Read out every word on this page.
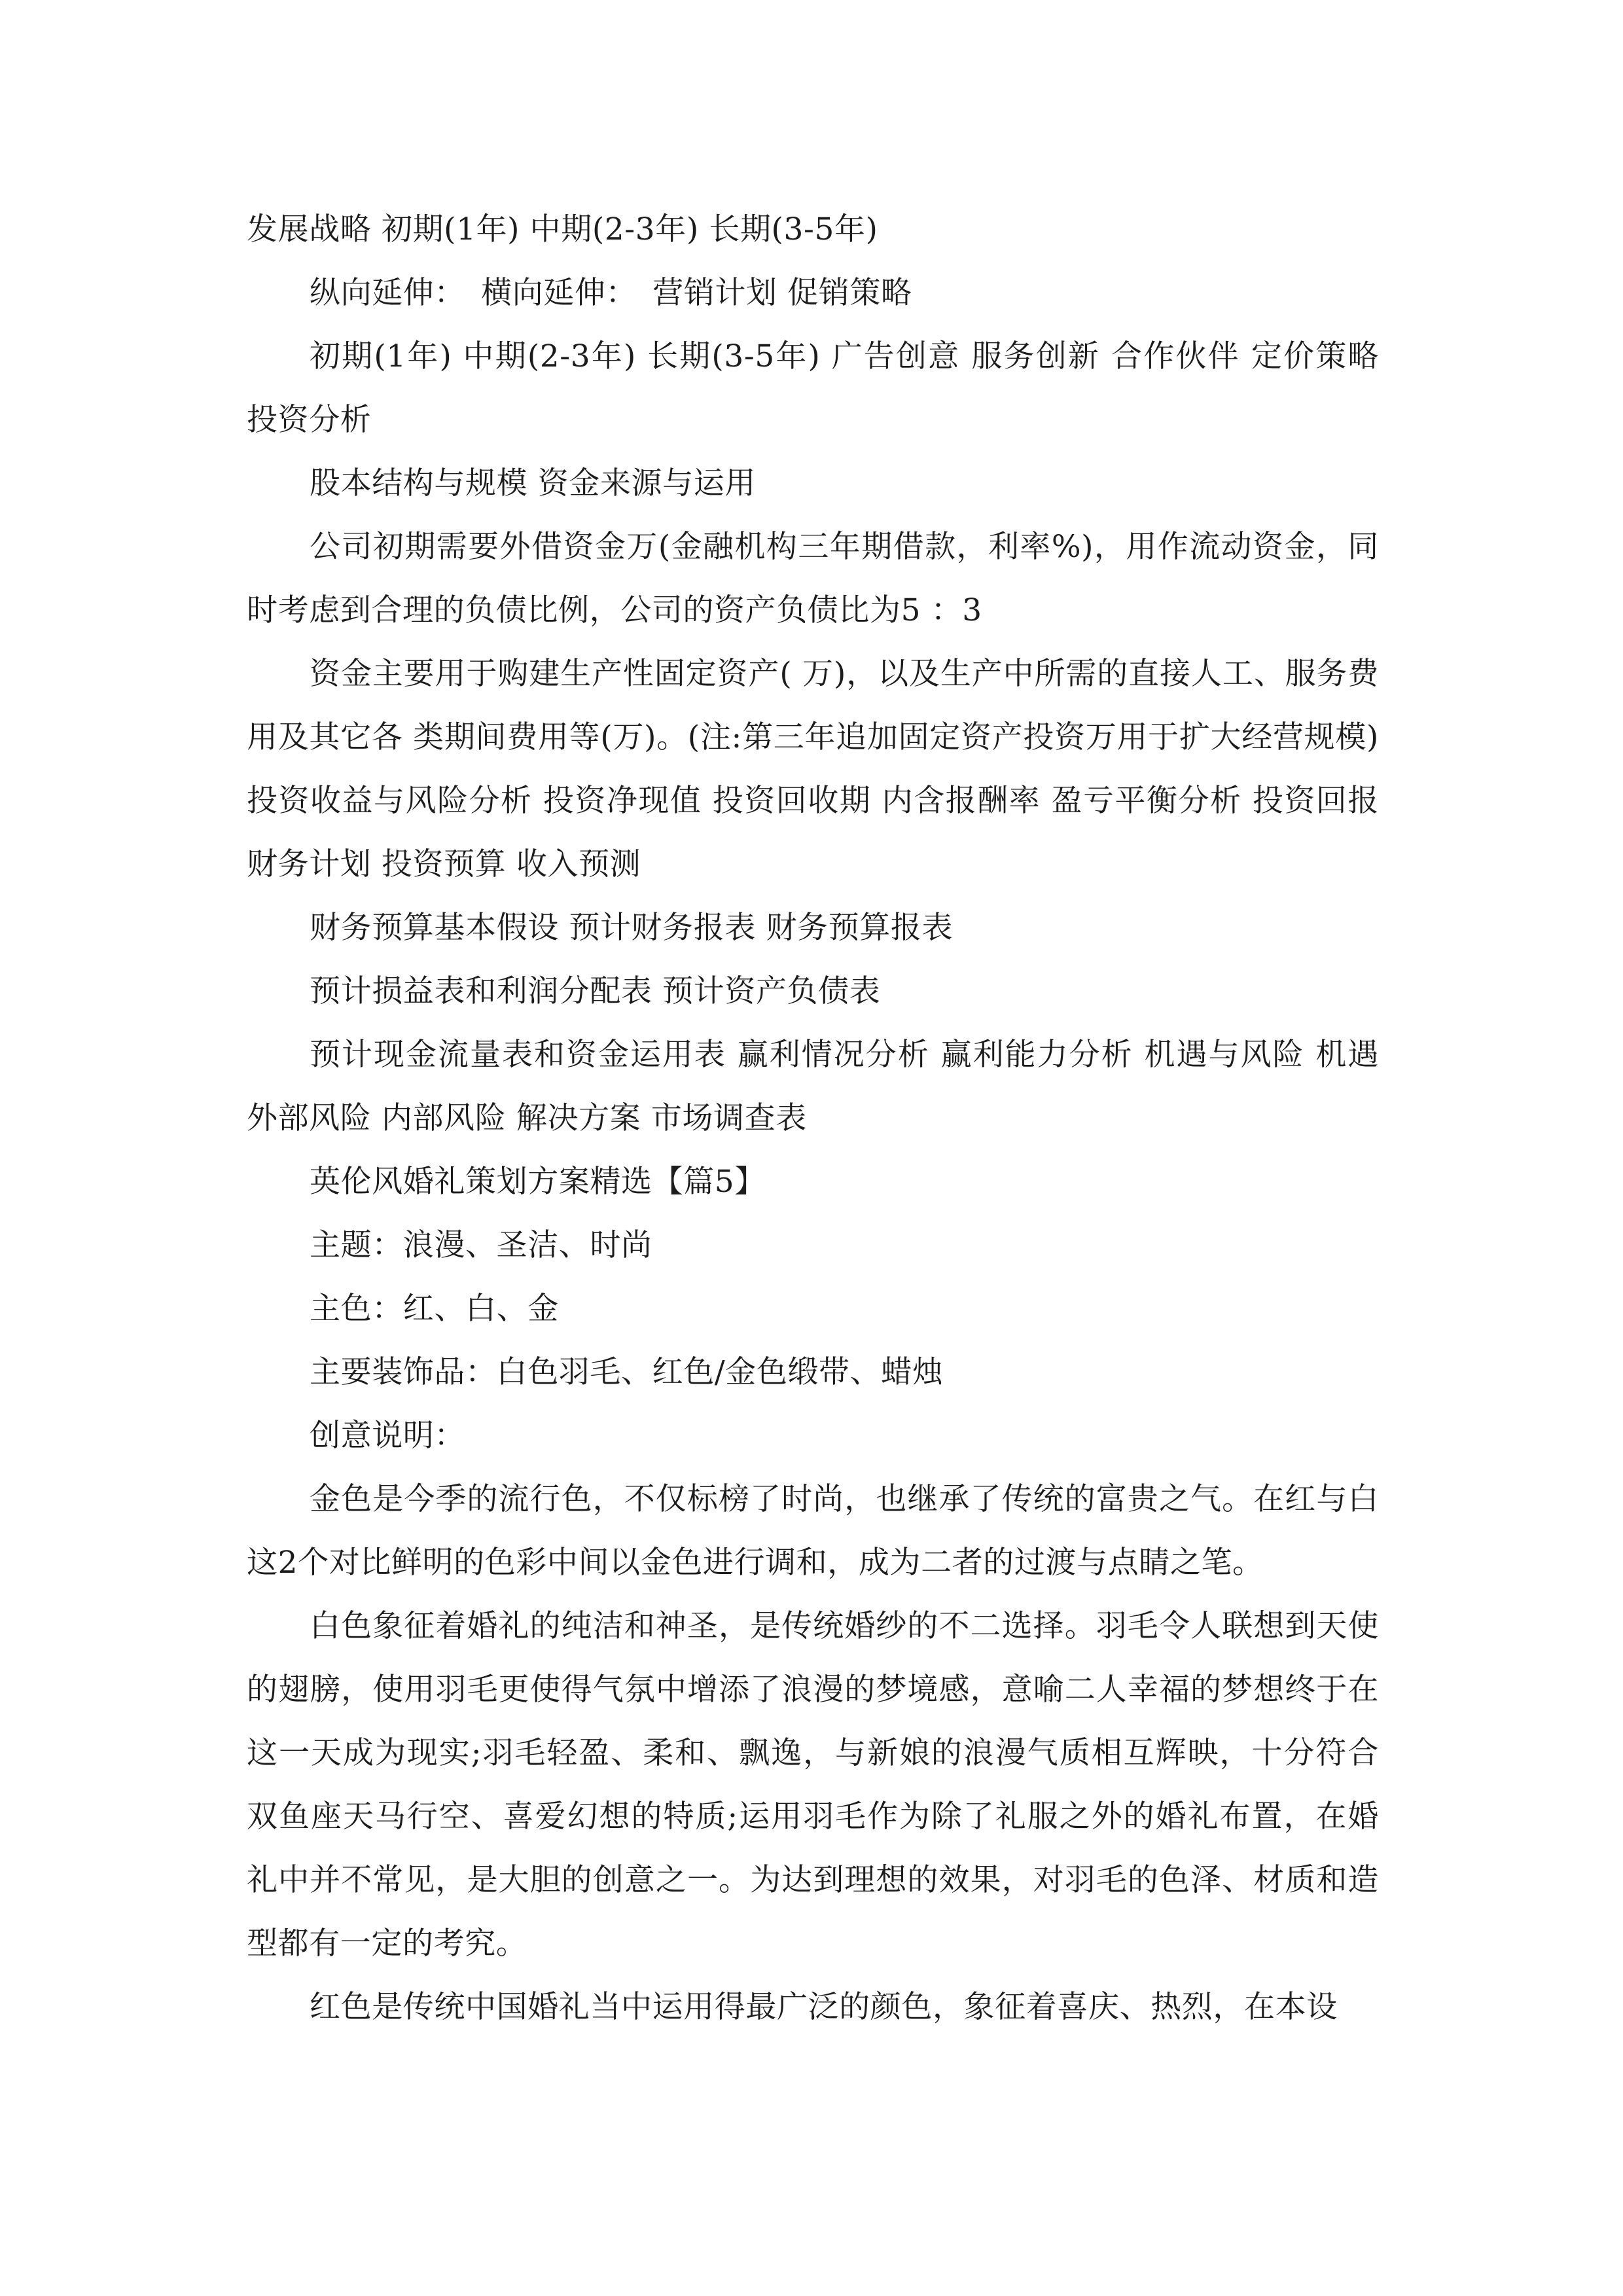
发展战略 初期(1年) 中期(2-3年) 长期(3-5年)

纵向延伸：　横向延伸：　营销计划 促销策略

初期(1年) 中期(2-3年) 长期(3-5年) 广告创意 服务创新 合作伙伴 定价策略 投资分析

股本结构与规模 资金来源与运用

公司初期需要外借资金万(金融机构三年期借款，利率%)，用作流动资金，同时考虑到合理的负债比例，公司的资产负债比为5 ：3

资金主要用于购建生产性固定资产( 万)，以及生产中所需的直接人工、服务费用及其它各 类期间费用等(万)。(注:第三年追加固定资产投资万用于扩大经营规模) 投资收益与风险分析 投资净现值 投资回收期 内含报酬率 盈亏平衡分析 投资回报 财务计划 投资预算 收入预测

财务预算基本假设 预计财务报表 财务预算报表

预计损益表和利润分配表 预计资产负债表

预计现金流量表和资金运用表 赢利情况分析 赢利能力分析 机遇与风险 机遇 外部风险 内部风险 解决方案 市场调查表

英伦风婚礼策划方案精选【篇5】

主题：浪漫、圣洁、时尚

主色：红、白、金

主要装饰品：白色羽毛、红色/金色缎带、蜡烛

创意说明：

金色是今季的流行色，不仅标榜了时尚，也继承了传统的富贵之气。在红与白这2个对比鲜明的色彩中间以金色进行调和，成为二者的过渡与点睛之笔。

白色象征着婚礼的纯洁和神圣，是传统婚纱的不二选择。羽毛令人联想到天使的翅膀，使用羽毛更使得气氛中增添了浪漫的梦境感，意喻二人幸福的梦想终于在这一天成为现实;羽毛轻盈、柔和、飘逸，与新娘的浪漫气质相互辉映，十分符合双鱼座天马行空、喜爱幻想的特质;运用羽毛作为除了礼服之外的婚礼布置，在婚礼中并不常见，是大胆的创意之一。为达到理想的效果，对羽毛的色泽、材质和造型都有一定的考究。

红色是传统中国婚礼当中运用得最广泛的颜色，象征着喜庆、热烈，在本设
